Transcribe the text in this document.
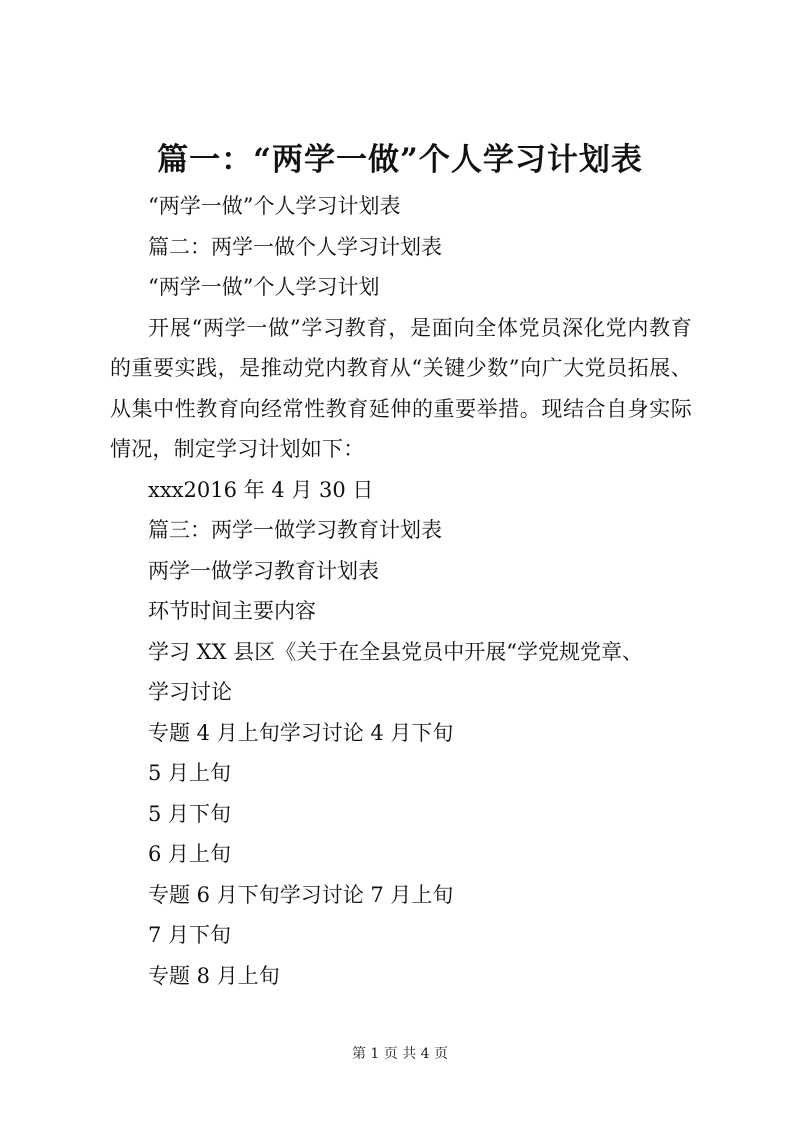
篇一：“两学一做”个人学习计划表
“两学一做”个人学习计划表
篇二：两学一做个人学习计划表
“两学一做”个人学习计划
开展“两学一做”学习教育，是面向全体党员深化党内教育的重要实践，是推动党内教育从“关键少数”向广大党员拓展、从集中性教育向经常性教育延伸的重要举措。现结合自身实际情况，制定学习计划如下：
xxx2016 年 4 月 30 日
篇三：两学一做学习教育计划表
两学一做学习教育计划表
环节时间主要内容
学习 XX 县区《关于在全县党员中开展“学党规党章、
学习讨论
专题 4 月上旬学习讨论 4 月下旬
5 月上旬
5 月下旬
6 月上旬
专题 6 月下旬学习讨论 7 月上旬
7 月下旬
专题 8 月上旬
第 1 页 共 4 页
